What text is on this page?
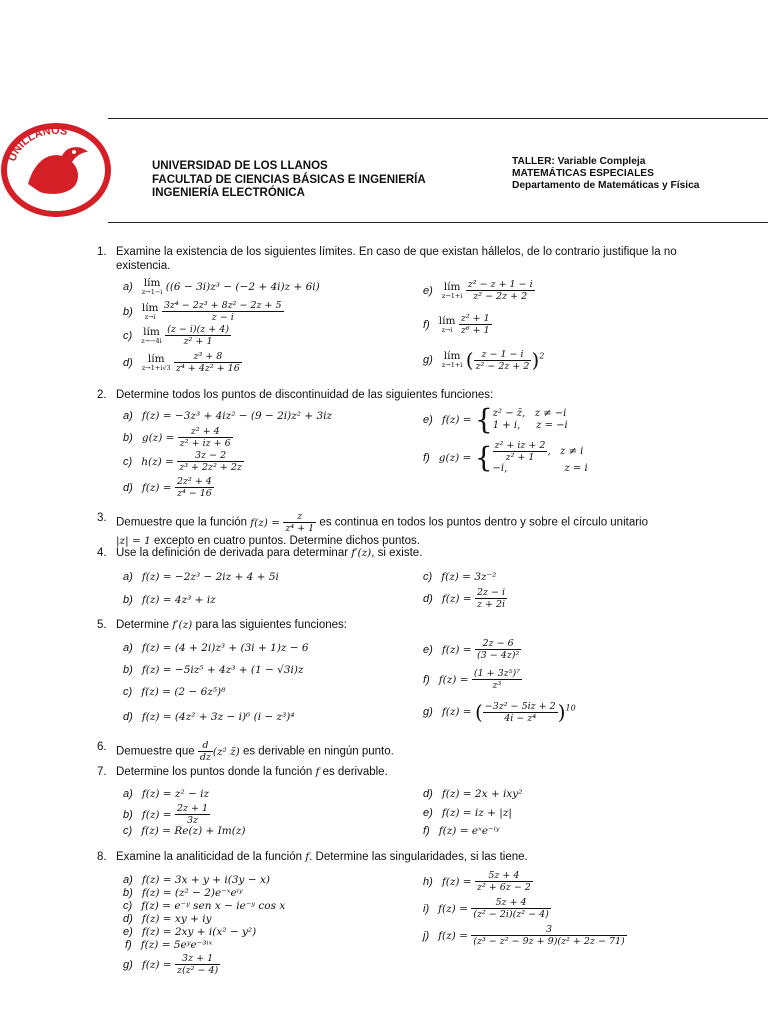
UNILLANOS
UNIVERSIDAD DE LOS LLANOS
FACULTAD DE CIENCIAS BÁSICAS E INGENIERÍA
INGENIERÍA ELECTRÓNICA
TALLER: Variable Compleja
MATEMÁTICAS ESPECIALES
Departamento de Matemáticas y Física
1. Examine la existencia de los siguientes límites. En caso de que existan hállelos, de lo contrario justifique la no existencia.
a) lím
z→1−i ((6 − 3i)z³ − (−2 + 4i)z + 6i)
b) lím
z→i
$\frac{\text{3z⁴ − 2z³ + 8z² − 2z + 5}}{z - i}$
c) lím
z→−4i
$\frac{(z - i)(z + 4)}{\text{z² + 1}}$
d)	lím
z→1+i√3
$\frac{\text{z³ + 8}}{\text{z⁴ + 4z² + 16}}$
e) lím
z→1+i
$\frac{\text{z² − z + 1 − i}}{\text{z² − 2z + 2}}$
f) lím
z→i
$\frac{\text{z² + 1}}{\text{z⁶ + 1}}$
g) lím
z→1+i ( $\frac{z - 1 - i}{\text{z² − 2z + 2}} )^2$
2. Determine todos los puntos de discontinuidad de las siguientes funciones:
a) f(z) = −3z³ + 4iz² − (9 − 2i)z² + 3iz
b) $g(z) = \frac{\text{z² + 4}}{\text{z² + iz + 6}}$
c) $h(z) = \frac{3z - 2}{\text{z³ + 2z² + 2z}}$
d) $f(z) = \frac{\text{2z² + 4}}{\text{z⁴ − 16}}$
e) f(z) = { z² − z̄,   z ≠ −i
1 + i,     z = −i
f) g(z) = { $\frac{\text{z² + iz + 2}}{\text{z² + 1}}$ ,   z ≠ i
−i,                  z = i
3. Demuestre que la función $f(z) = \frac{z}{\text{z⁴ + 1}}$ es continua en todos los puntos dentro y sobre el círculo unitario
|z| = 1 excepto en cuatro puntos. Determine dichos puntos.
4. Use la definición de derivada para determinar f′(z), si existe.
a) f(z) = −2z³ − 2iz + 4 + 5i
b) f(z) = 4z³ + iz
c) f(z) = 3z⁻²
d) $f(z) = \frac{2z - i}{z + 2i}$
5. Determine f′(z) para las siguientes funciones:
a) f(z) = (4 + 2i)z³ + (3i + 1)z − 6
b) f(z) = −5iz⁵ + 4z³ + (1 − √3i)z
c) f(z) = (2 − 6z⁵)⁸
d) f(z) = (4z² + 3z − i)⁶ (i − z³)⁴
e) $f(z) = \frac{2z - 6}{\text{(3 − 4z)²}}$
f) $f(z) = \frac{\text{(1 + 3z⁵)⁷}}{\text{z³}}$
g) f(z) = ( $\frac{\text{−3z² − 5iz + 2}}{\text{4i − z⁴}} )^{10}$
6. Demuestre que $\frac{d}{dz} (z^2$ z̄) es derivable en ningún punto.
7. Determine los puntos donde la función f es derivable.
a) f(z) = z² − iz
b) $f(z) = \frac{2z + 1}{3z}$
c) f(z) = Re(z) + Im(z)
d) f(z) = 2x + ixy²
e) f(z) = iz + |z|
f) f(z) = eˣe⁻ⁱʸ
8. Examine la analiticidad de la función f. Determine las singularidades, si las tiene.
a) f(z) = 3x + y + i(3y − x)
b) f(z) = (z² − 2)e⁻ˣeⁱʸ
c) f(z) = e⁻ʸ sen x − ie⁻ʸ cos x
d) f(z) = xy + iy
e) f(z) = 2xy + i(x² − y²)
f) f(z) = 5eʸe⁻³ⁱˣ
g) $f(z) = \frac{3z + 1}{\text{z(z² − 4)}}$
h) $f(z) = \frac{5z + 4}{\text{z² + 6z − 2}}$
i) $f(z) = \frac{5z + 4}{\text{(z² − 2i)(z² − 4)}}$
j) $f(z) = \frac{3}{\text{(z³ − z² − 9z + 9)(z² + 2z − 71)}}$
